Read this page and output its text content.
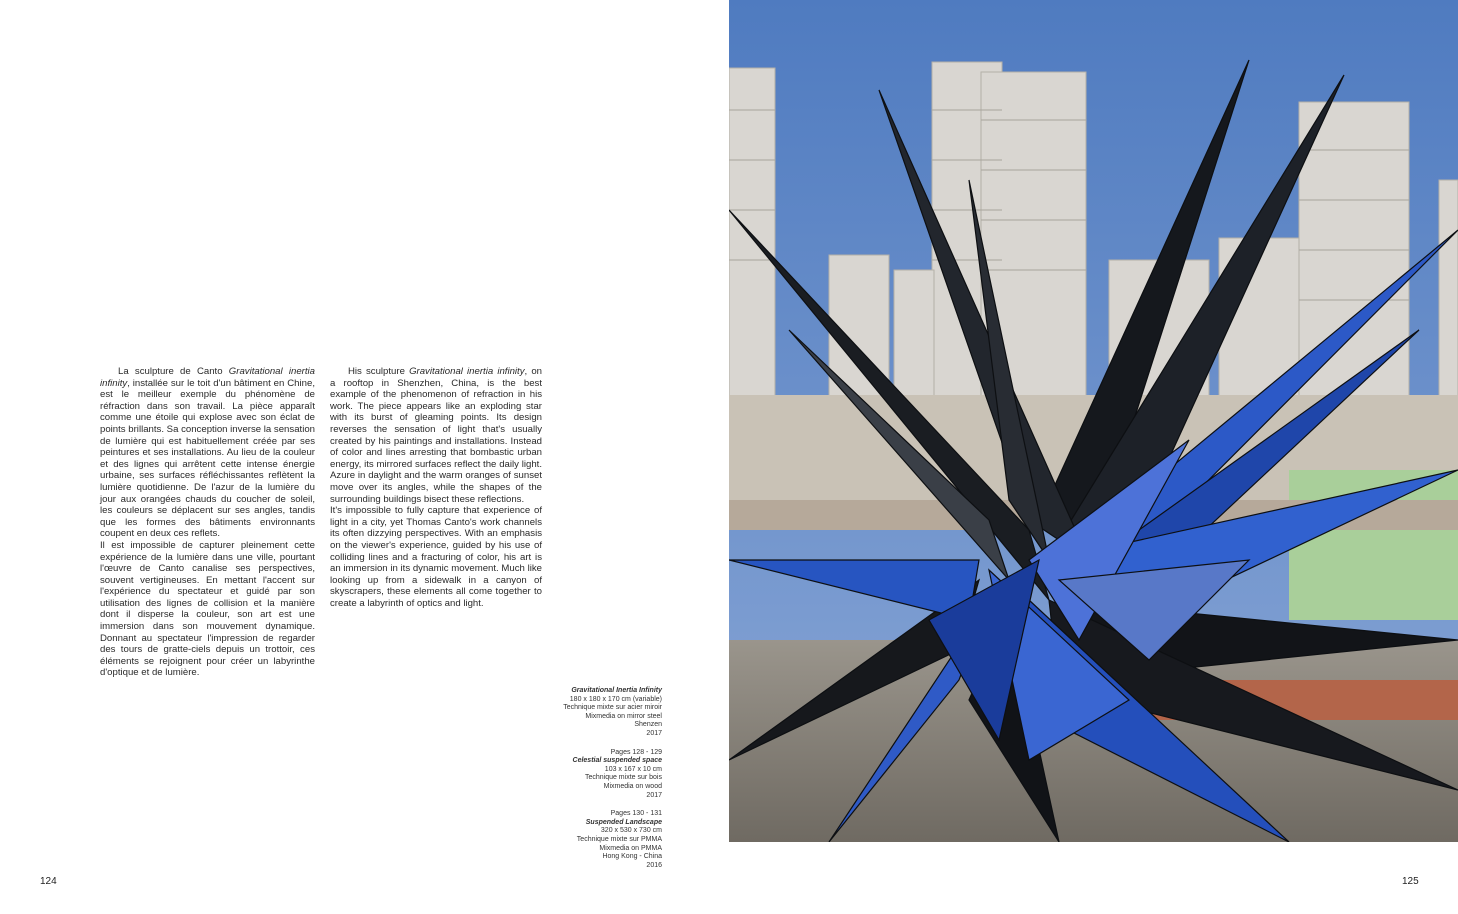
La sculpture de Canto Gravitational inertia infinity, installée sur le toit d'un bâtiment en Chine, est le meilleur exemple du phénomène de réfraction dans son travail. La pièce apparaît comme une étoile qui explose avec son éclat de points brillants. Sa conception inverse la sensation de lumière qui est habituellement créée par ses peintures et ses installations. Au lieu de la couleur et des lignes qui arrêtent cette intense énergie urbaine, ses surfaces réfléchissantes reflètent la lumière quotidienne. De l'azur de la lumière du jour aux orangées chauds du coucher de soleil, les couleurs se déplacent sur ses angles, tandis que les formes des bâtiments environnants coupent en deux ces reflets.

Il est impossible de capturer pleinement cette expérience de la lumière dans une ville, pourtant l'œuvre de Canto canalise ses perspectives, souvent vertigineuses. En mettant l'accent sur l'expérience du spectateur et guidé par son utilisation des lignes de collision et la manière dont il disperse la couleur, son art est une immersion dans son mouvement dynamique. Donnant au spectateur l'impression de regarder des tours de gratte-ciels depuis un trottoir, ces éléments se rejoignent pour créer un labyrinthe d'optique et de lumière.

His sculpture Gravitational inertia infinity, on a rooftop in Shenzhen, China, is the best example of the phenomenon of refraction in his work. The piece appears like an exploding star with its burst of gleaming points. Its design reverses the sensation of light that's usually created by his paintings and installations. Instead of color and lines arresting that bombastic urban energy, its mirrored surfaces reflect the daily light. Azure in daylight and the warm oranges of sunset move over its angles, while the shapes of the surrounding buildings bisect these reflections.

It's impossible to fully capture that experience of light in a city, yet Thomas Canto's work channels its often dizzying perspectives. With an emphasis on the viewer's experience, guided by his use of colliding lines and a fracturing of color, his art is an immersion in its dynamic movement. Much like looking up from a sidewalk in a canyon of skyscrapers, these elements all come together to create a labyrinth of optics and light.

Gravitational Inertia Infinity
180 x 180 x 170 cm (variable)
Technique mixte sur acier miroir
Mixmedia on mirror steel
Shenzen
2017
Pages 128 - 129
Celestial suspended space
103 x 167 x 10 cm
Technique mixte sur bois
Mixmedia on wood
2017
Pages 130 - 131
Suspended Landscape
320 x 530 x 730 cm
Technique mixte sur PMMA
Mixmedia on PMMA
Hong Kong - China
2016
124	125
